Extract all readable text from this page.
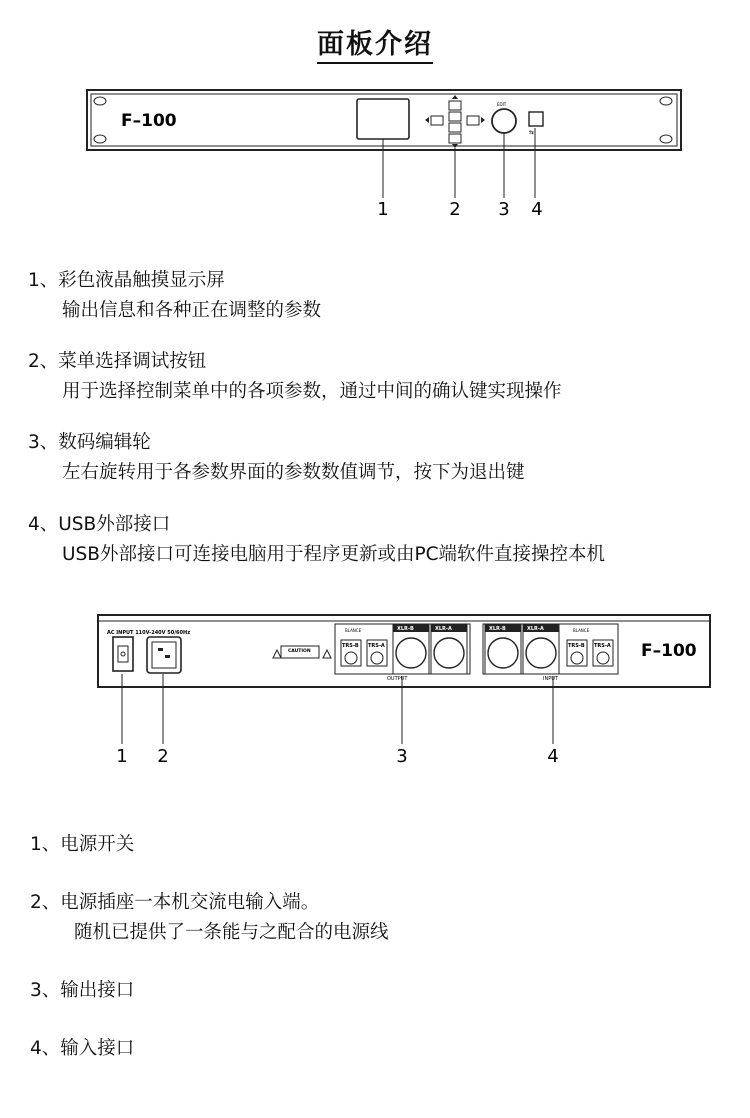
面板介绍
F–100
EDIT
⇆
1	2 3 4
1、彩色液晶触摸显示屏
输出信息和各种正在调整的参数
2、菜单选择调试按钮
用于选择控制菜单中的各项参数，通过中间的确认键实现操作
3、数码编辑轮
左右旋转用于各参数界面的参数数值调节，按下为退出键
4、USB外部接口
USB外部接口可连接电脑用于程序更新或由PC端软件直接操控本机
AC INPUT 110V-240V 50/60Hz
CAUTION
BLANCE
TRS-B TRS-A
XLR-B	XLR-A
OUTPUT
XLR-B	XLR-A	BLANCE
TRS-B TRS-A
INPUT
F–100
1 2	3	4
1、电源开关
2、电源插座一本机交流电输入端。
随机已提供了一条能与之配合的电源线
3、输出接口
4、输入接口
